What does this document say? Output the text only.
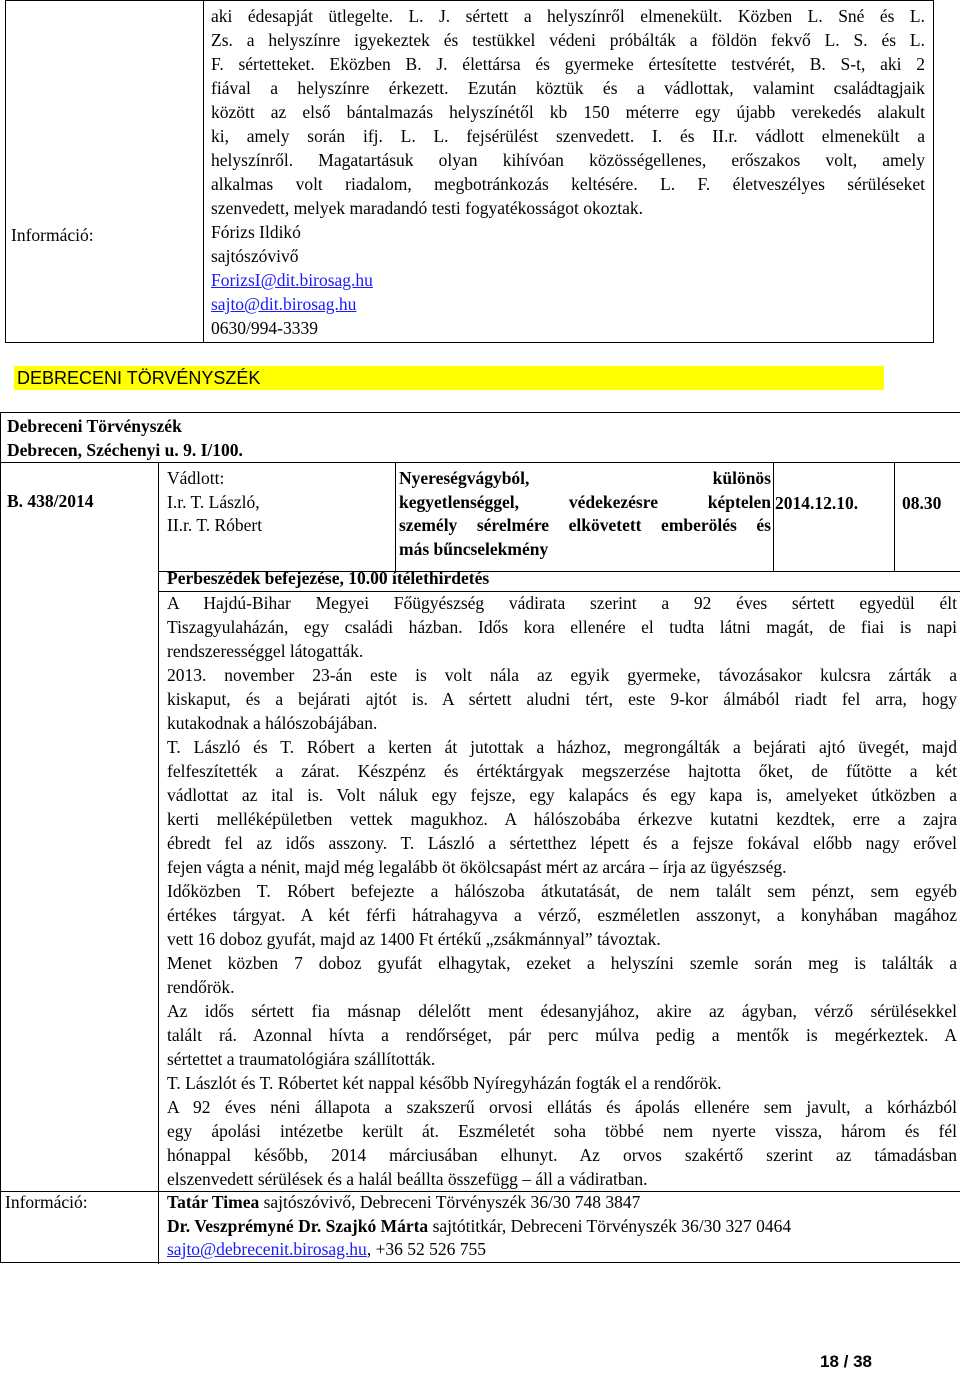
Információ:
aki édesapját ütlegelte. L. J. sértett a helyszínről elmenekült. Közben L. Sné és L.
Zs. a helyszínre igyekeztek és testükkel védeni próbálták a földön fekvő L. S. és L.
F. sértetteket. Eközben B. J. élettársa és gyermeke értesítette testvérét, B. S-t, aki 2
fiával a helyszínre érkezett. Ezután köztük és a vádlottak, valamint családtagjaik
között az első bántalmazás helyszínétől kb 150 méterre egy újabb verekedés alakult
ki, amely során ifj. L. L. fejsérülést szenvedett. I. és II.r. vádlott elmenekült a
helyszínről. Magatartásuk olyan kihívóan közösségellenes, erőszakos volt, amely
alkalmas volt riadalom, megbotránkozás keltésére. L. F. életveszélyes sérüléseket
szenvedett, melyek maradandó testi fogyatékosságot okoztak.
Fórizs Ildikó
sajtószóvivő
ForizsI@dit.birosag.hu
sajto@dit.birosag.hu
0630/994-3339
DEBRECENI TÖRVÉNYSZÉK
Debreceni Törvényszék
Debrecen, Széchenyi u. 9. I/100.
B. 438/2014
Vádlott:
I.r. T. László,
II.r. T. Róbert
Nyereségvágyból, különös
kegyetlenséggel, védekezésre képtelen
személy sérelmére elkövetett emberölés és
más bűncselekmény
2014.12.10.	08.30
Perbeszédek befejezése, 10.00 ítélethirdetés
A Hajdú-Bihar Megyei Főügyészség vádirata szerint a 92 éves sértett egyedül élt
Tiszagyulaházán, egy családi házban. Idős kora ellenére el tudta látni magát, de fiai is napi
rendszerességgel látogatták.
2013. november 23-án este is volt nála az egyik gyermeke, távozásakor kulcsra zárták a
kiskaput, és a bejárati ajtót is. A sértett aludni tért, este 9-kor álmából riadt fel arra, hogy
kutakodnak a hálószobájában.
T. László és T. Róbert a kerten át jutottak a házhoz, megrongálták a bejárati ajtó üvegét, majd
felfeszítették a zárat. Készpénz és értéktárgyak megszerzése hajtotta őket, de fűtötte a két
vádlottat az ital is. Volt náluk egy fejsze, egy kalapács és egy kapa is, amelyeket útközben a
kerti melléképületben vettek magukhoz. A hálószobába érkezve kutatni kezdtek, erre a zajra
ébredt fel az idős asszony. T. László a sértetthez lépett és a fejsze fokával előbb nagy erővel
fejen vágta a nénit, majd még legalább öt ökölcsapást mért az arcára – írja az ügyészség.
Időközben T. Róbert befejezte a hálószoba átkutatását, de nem talált sem pénzt, sem egyéb
értékes tárgyat. A két férfi hátrahagyva a vérző, eszméletlen asszonyt, a konyhában magához
vett 16 doboz gyufát, majd az 1400 Ft értékű „zsákmánnyal” távoztak.
Menet közben 7 doboz gyufát elhagytak, ezeket a helyszíni szemle során meg is találták a
rendőrök.
Az idős sértett fia másnap délelőtt ment édesanyjához, akire az ágyban, vérző sérülésekkel
talált rá. Azonnal hívta a rendőrséget, pár perc múlva pedig a mentők is megérkeztek. A
sértettet a traumatológiára szállították.
T. Lászlót és T. Róbertet két nappal később Nyíregyházán fogták el a rendőrök.
A 92 éves néni állapota a szakszerű orvosi ellátás és ápolás ellenére sem javult, a kórházból
egy ápolási intézetbe került át. Eszméletét soha többé nem nyerte vissza, három és fél
hónappal később, 2014 márciusában elhunyt. Az orvos szakértő szerint az támadásban
elszenvedett sérülések és a halál beállta összefügg – áll a vádiratban.
Információ:	Tatár Timea sajtószóvivő, Debreceni Törvényszék 36/30 748 3847
Dr. Veszprémyné Dr. Szajkó Márta sajtótitkár, Debreceni Törvényszék 36/30 327 0464
sajto@debrecenit.birosag.hu, +36 52 526 755
18 / 38
